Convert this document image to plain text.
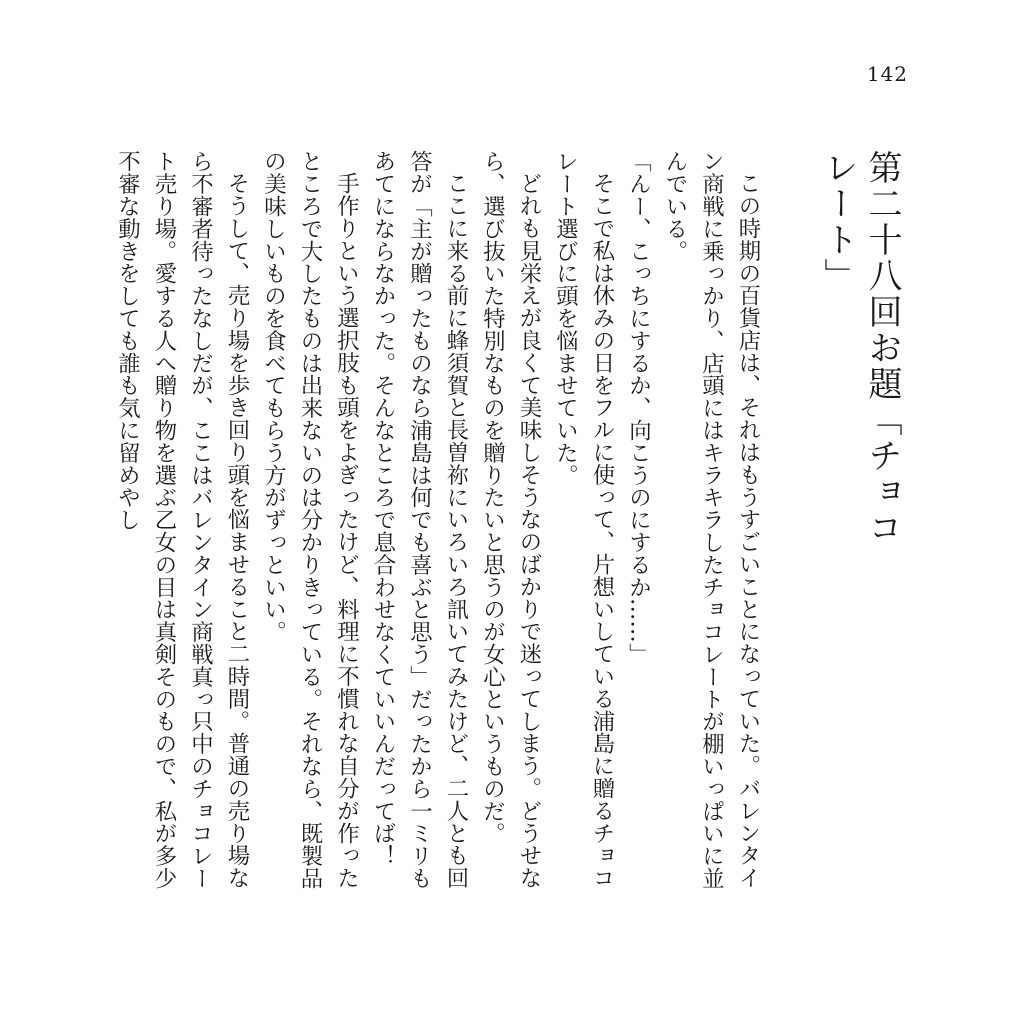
142
第二十八回お題「チョコレート」

この時期の百貨店は、それはもうすごいことになっていた。バレンタイン商戦に乗っかり、店頭にはキラキラしたチョコレートが棚いっぱいに並んでいる。

「んー、こっちにするか、向こうのにするか……」

そこで私は休みの日をフルに使って、片想いしている浦島に贈るチョコレート選びに頭を悩ませていた。

どれも見栄えが良くて美味しそうなのばかりで迷ってしまう。どうせなら、選び抜いた特別なものを贈りたいと思うのが女心というものだ。

ここに来る前に蜂須賀と長曽祢にいろいろ訊いてみたけど、二人とも回答が「主が贈ったものなら浦島は何でも喜ぶと思う」だったから一ミリもあてにならなかった。そんなところで息合わせなくていいんだってば！

手作りという選択肢も頭をよぎったけど、料理に不慣れな自分が作ったところで大したものは出来ないのは分かりきっている。それなら、既製品の美味しいものを食べてもらう方がずっといい。

そうして、売り場を歩き回り頭を悩ませること二時間。普通の売り場なら不審者待ったなしだが、ここはバレンタイン商戦真っ只中のチョコレート売り場。愛する人へ贈り物を選ぶ乙女の目は真剣そのもので、私が多少不審な動きをしても誰も気に留めやし
